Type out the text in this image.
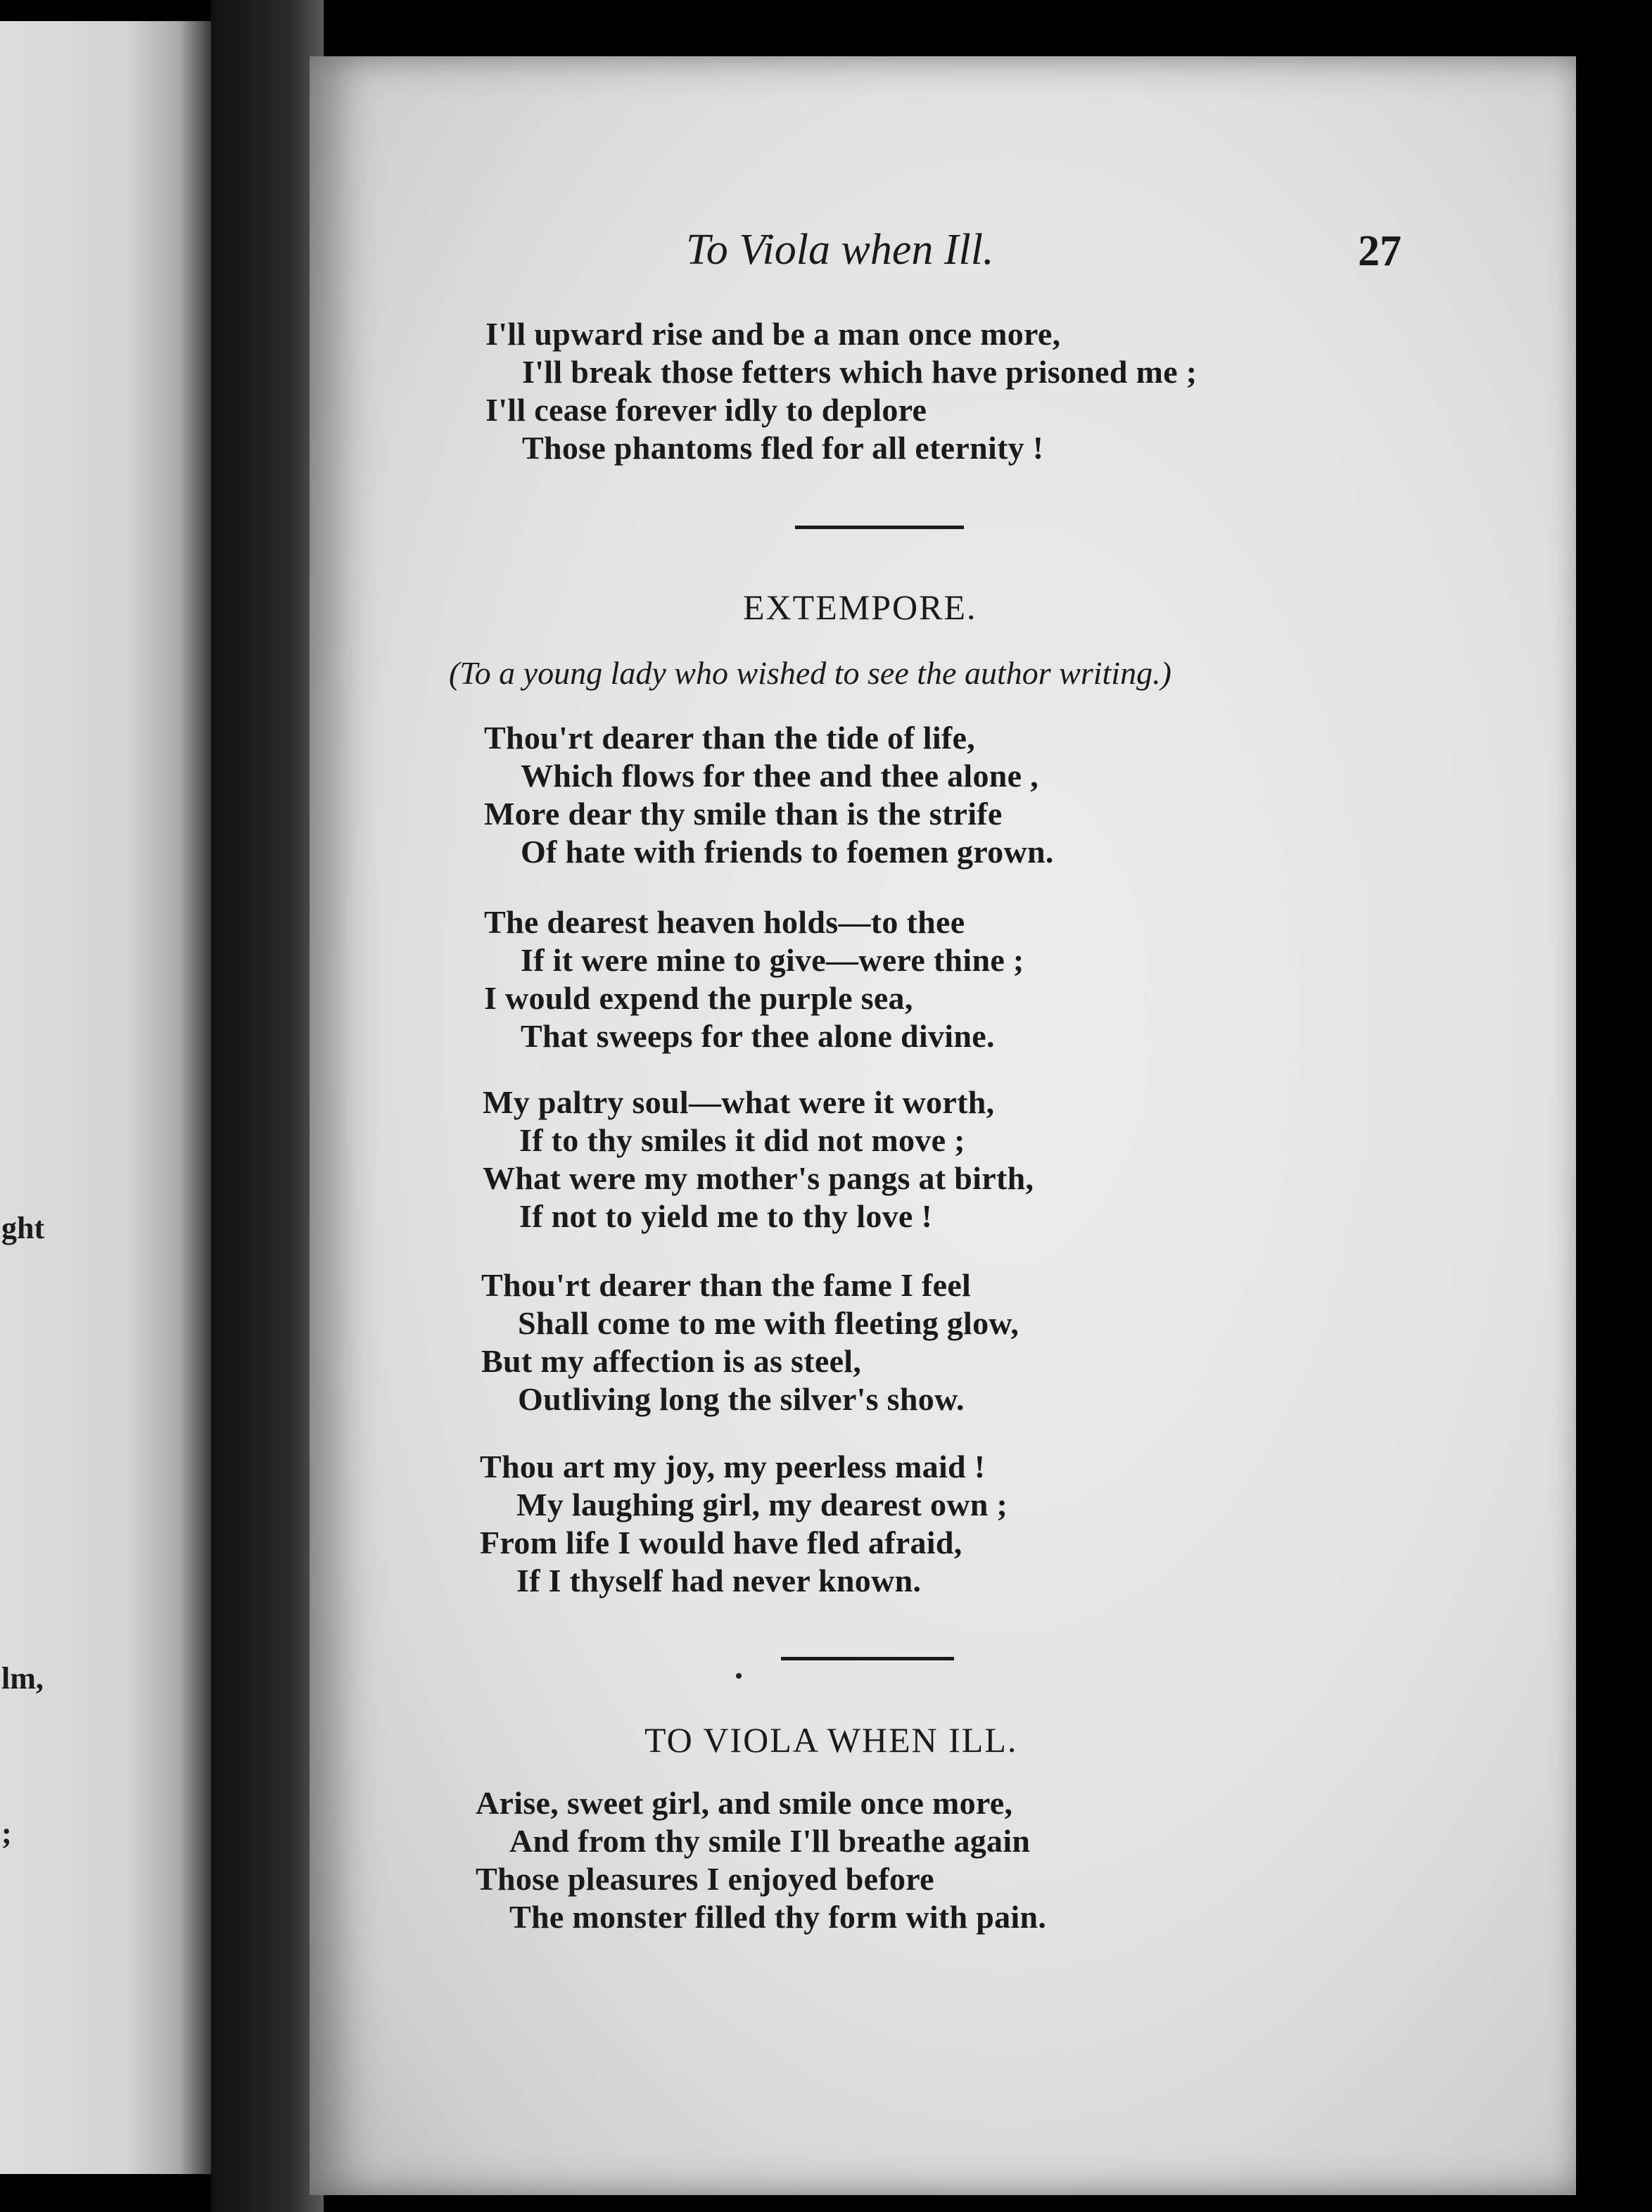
ght
lm,
;
To Viola when Ill.	27
I'll upward rise and be a man once more,
I'll break those fetters which have prisoned me ;
I'll cease forever idly to deplore
Those phantoms fled for all eternity !
EXTEMPORE.
(To a young lady who wished to see the author writing.)
Thou'rt dearer than the tide of life,
Which flows for thee and thee alone ,
More dear thy smile than is the strife
Of hate with friends to foemen grown.
The dearest heaven holds—to thee
If it were mine to give—were thine ;
I would expend the purple sea,
That sweeps for thee alone divine.
My paltry soul—what were it worth,
If to thy smiles it did not move ;
What were my mother's pangs at birth,
If not to yield me to thy love !
Thou'rt dearer than the fame I feel
Shall come to me with fleeting glow,
But my affection is as steel,
Outliving long the silver's show.
Thou art my joy, my peerless maid !
My laughing girl, my dearest own ;
From life I would have fled afraid,
If I thyself had never known.
TO VIOLA WHEN ILL.
Arise, sweet girl, and smile once more,
And from thy smile I'll breathe again
Those pleasures I enjoyed before
The monster filled thy form with pain.
